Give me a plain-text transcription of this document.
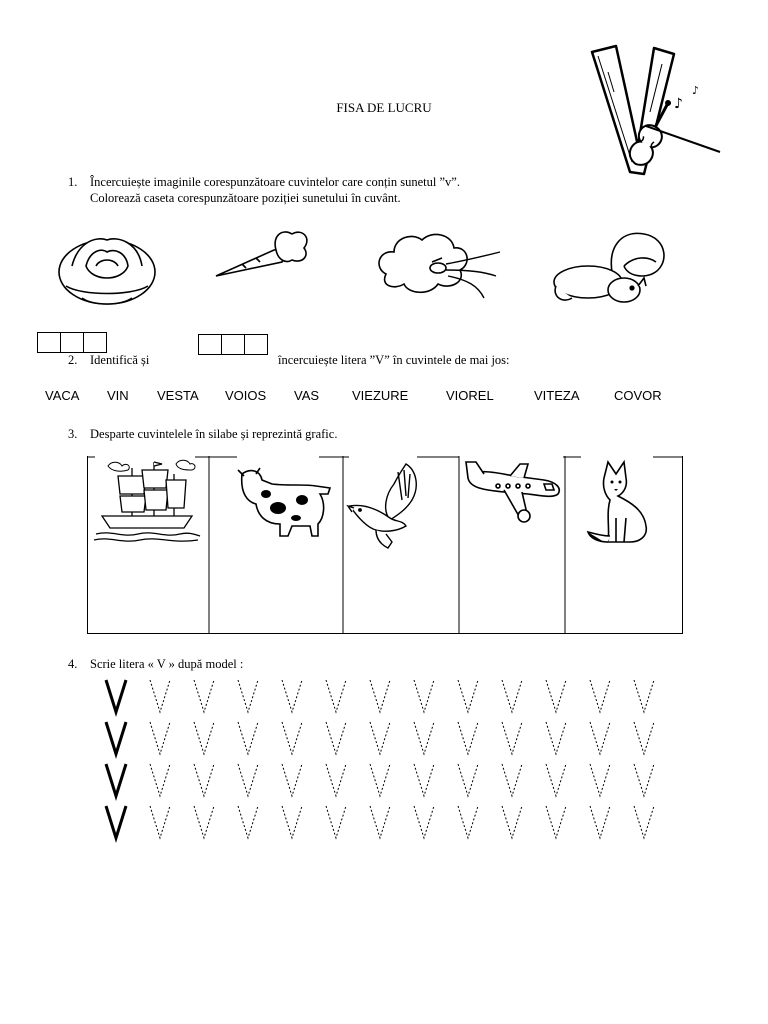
♪
♪
FISA DE LUCRU
1. Încercuiește imaginile corespunzătoare cuvintelor care conțin sunetul ”v”.
Colorează caseta corespunzătoare poziției sunetului în cuvânt.
2. Identifică și	încercuiește litera ”V” în cuvintele de mai jos:
VACA VIN VESTA VOIOS VAS	VIEZURE	VIOREL	VITEZA	COVOR
3. Desparte cuvintelele în silabe și reprezintă grafic.
4. Scrie litera « V » după model :
